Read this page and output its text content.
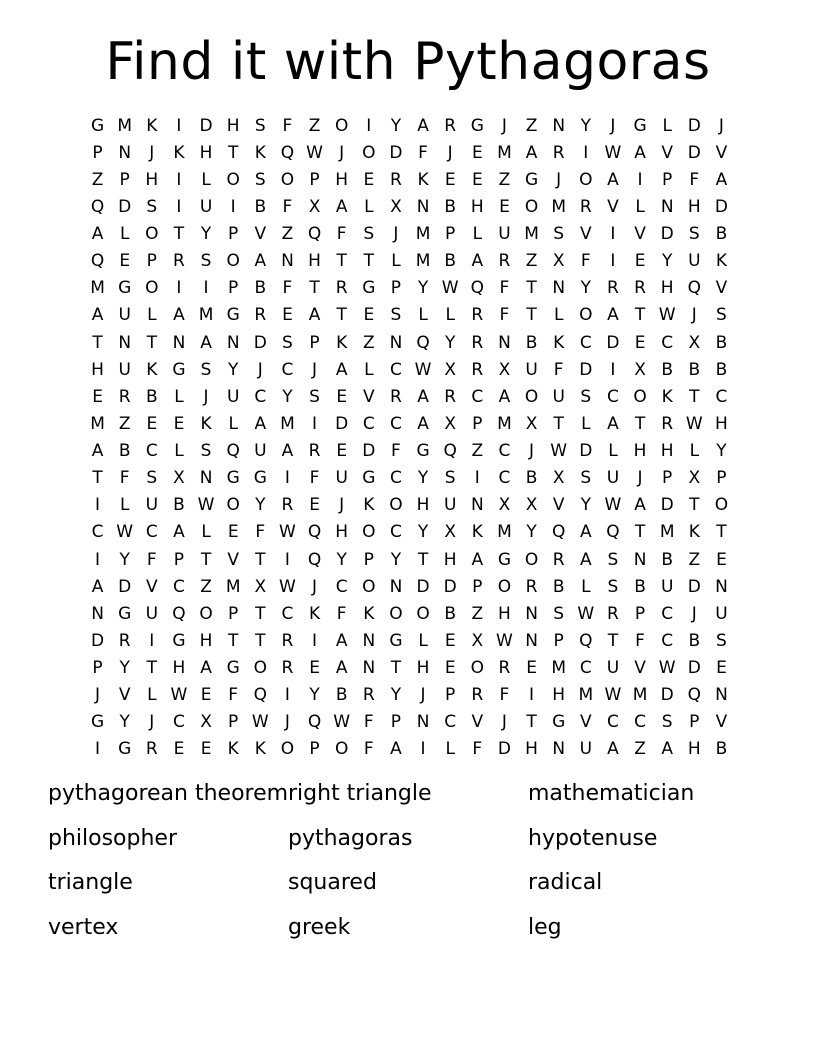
Find it with Pythagoras
G M K	I	D H S F Z O	I	Y A R G	J	Z N Y	J	G L D	J
P N	J	K H T K Q W J	O D F	J	E M A R	I W A V D V
Z P H	I	L O S O P H E R K E E Z G	J	O A	I	P	F A
Q D S	I	U	I	B F X A L X N B H E O M R V L N H D
A L O T Y P V Z Q F S	J	M P	L U M S V	I	V D S B
Q E P R S O A N H T T	L M B A R Z X F	I	E Y U K
M G O	I	I	P B F	T R G P Y W Q F	T N Y R R H Q V
A U L A M G R E A T E S L	L R F	T	L O A T W J	S
T N T N A N D S P K Z N Q Y R N B K C D E C X B
H U K G S Y	J	C	J	A L C W X R X U F D	I	X B B B
E R B L	J	U C Y S E V R A R C A O U S C O K T C
M Z E E K L A M	I	D C C A X P M X T	L A T R W H
A B C L S Q U A R E D F G Q Z C	J W D L H H L	Y
T	F S X N G G	I	F U G C Y S	I	C B X S U	J	P X P
I	L U B W O Y R E	J	K O H U N X X V Y W A D T O
C W C A L	E F W Q H O C Y X K M Y Q A Q T M K T
I	Y	F	P T V T	I	Q Y P Y T H A G O R A S N B Z E
A D V C Z M X W J	C O N D D P O R B L S B U D N
N G U Q O P T C K F K O O B Z H N S W R P C	J	U
D R	I	G H T T R	I	A N G L	E X W N P Q T	F C B S
P Y T H A G O R E A N T H E O R E M C U V W D E
J	V L W E F Q	I	Y B R Y	J	P R F	I	H M W M D Q N
G Y	J	C X P W J	Q W F	P N C V	J	T G V C C S P V
I	G R E E K K O P O F A	I	L	F D H N U A Z A H B
pythagorean theorem right triangle	mathematician
philosopher	pythagoras	hypotenuse
triangle	squared	radical
vertex	greek	leg
